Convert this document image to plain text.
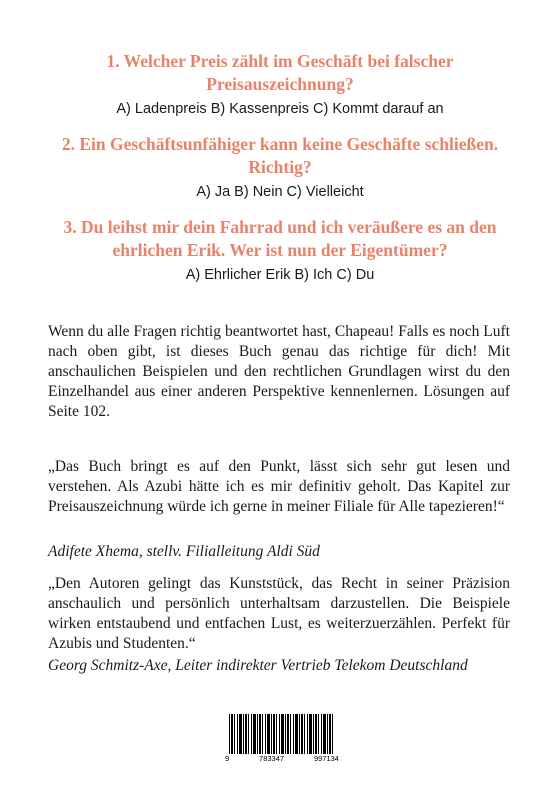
1. Welcher Preis zählt im Geschäft bei falscher Preisauszeichnung?
A) Ladenpreis B) Kassenpreis C) Kommt darauf an
2. Ein Geschäftsunfähiger kann keine Geschäfte schließen. Richtig?
A) Ja B) Nein C) Vielleicht
3. Du leihst mir dein Fahrrad und ich veräußere es an den ehrlichen Erik. Wer ist nun der Eigentümer?
A) Ehrlicher Erik B) Ich C) Du
Wenn du alle Fragen richtig beantwortet hast, Chapeau! Falls es noch Luft nach oben gibt, ist dieses Buch genau das richtige für dich! Mit anschaulichen Beispielen und den rechtlichen Grundlagen wirst du den Einzelhandel aus einer anderen Perspektive kennenlernen. Lösungen auf Seite 102.
„Das Buch bringt es auf den Punkt, lässt sich sehr gut lesen und verstehen. Als Azubi hätte ich es mir definitiv geholt. Das Kapitel zur Preisauszeichnung würde ich gerne in meiner Filiale für Alle tapezieren!“
Adifete Xhema, stellv. Filialleitung Aldi Süd
„Den Autoren gelingt das Kunststück, das Recht in seiner Präzision anschaulich und persönlich unterhaltsam darzustellen. Die Beispiele wirken entstaubend und entfachen Lust, es weiterzuerzählen. Perfekt für Azubis und Studenten.“
Georg Schmitz-Axe, Leiter indirekter Vertrieb Telekom Deutschland
9	783347	997134
